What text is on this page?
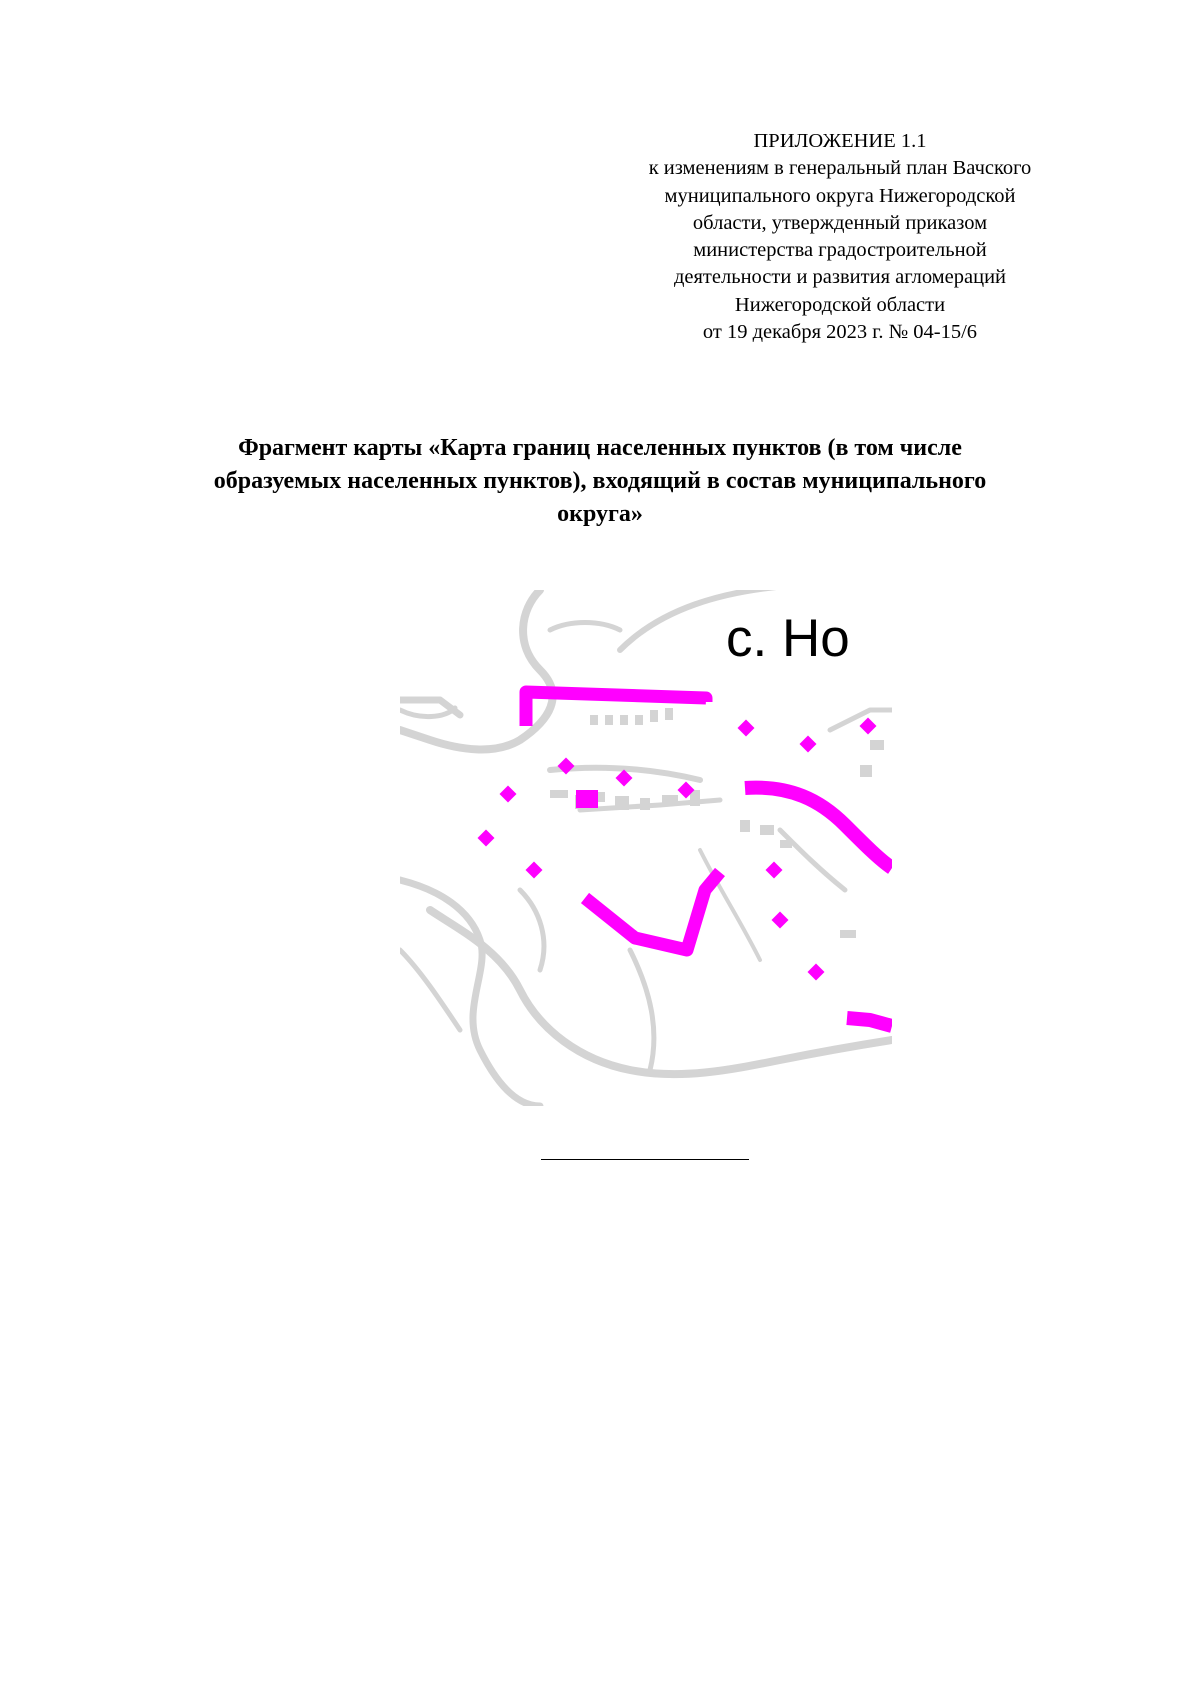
ПРИЛОЖЕНИЕ 1.1
к изменениям в генеральный план Вачского
муниципального округа Нижегородской
области, утвержденный приказом
министерства градостроительной
деятельности и развития агломераций
Нижегородской области
от 19 декабря 2023 г. № 04-15/6
Фрагмент карты «Карта границ населенных пунктов (в том числе
образуемых населенных пунктов), входящий в состав муниципального
округа»
с. Но
